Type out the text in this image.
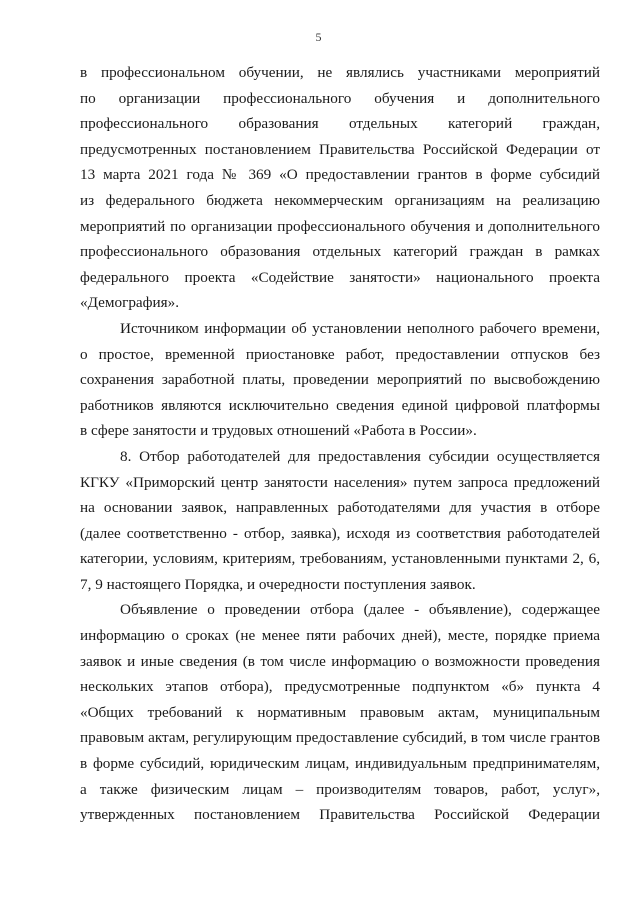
5
в профессиональном обучении, не являлись участниками мероприятий
по организации профессионального обучения и дополнительного
профессионального образования отдельных категорий граждан,
предусмотренных постановлением Правительства Российской Федерации от
13 марта 2021 года № 369 «О предоставлении грантов в форме субсидий
из федерального бюджета некоммерческим организациям на реализацию
мероприятий по организации профессионального обучения и дополнительного
профессионального образования отдельных категорий граждан в рамках
федерального проекта «Содействие занятости» национального проекта
«Демография».
Источником информации об установлении неполного рабочего времени,
о простое, временной приостановке работ, предоставлении отпусков без
сохранения заработной платы, проведении мероприятий по высвобождению
работников являются исключительно сведения единой цифровой платформы
в сфере занятости и трудовых отношений «Работа в России».
8. Отбор работодателей для предоставления субсидии осуществляется
КГКУ «Приморский центр занятости населения» путем запроса предложений
на основании заявок, направленных работодателями для участия в отборе
(далее соответственно - отбор, заявка), исходя из соответствия работодателей
категории, условиям, критериям, требованиям, установленными пунктами 2, 6,
7, 9 настоящего Порядка, и очередности поступления заявок.
Объявление о проведении отбора (далее - объявление), содержащее
информацию о сроках (не менее пяти рабочих дней), месте, порядке приема
заявок и иные сведения (в том числе информацию о возможности проведения
нескольких этапов отбора), предусмотренные подпунктом «б» пункта 4
«Общих требований к нормативным правовым актам, муниципальным
правовым актам, регулирующим предоставление субсидий, в том числе грантов
в форме субсидий, юридическим лицам, индивидуальным предпринимателям,
а также физическим лицам – производителям товаров, работ, услуг»,
утвержденных постановлением Правительства Российской Федерации
